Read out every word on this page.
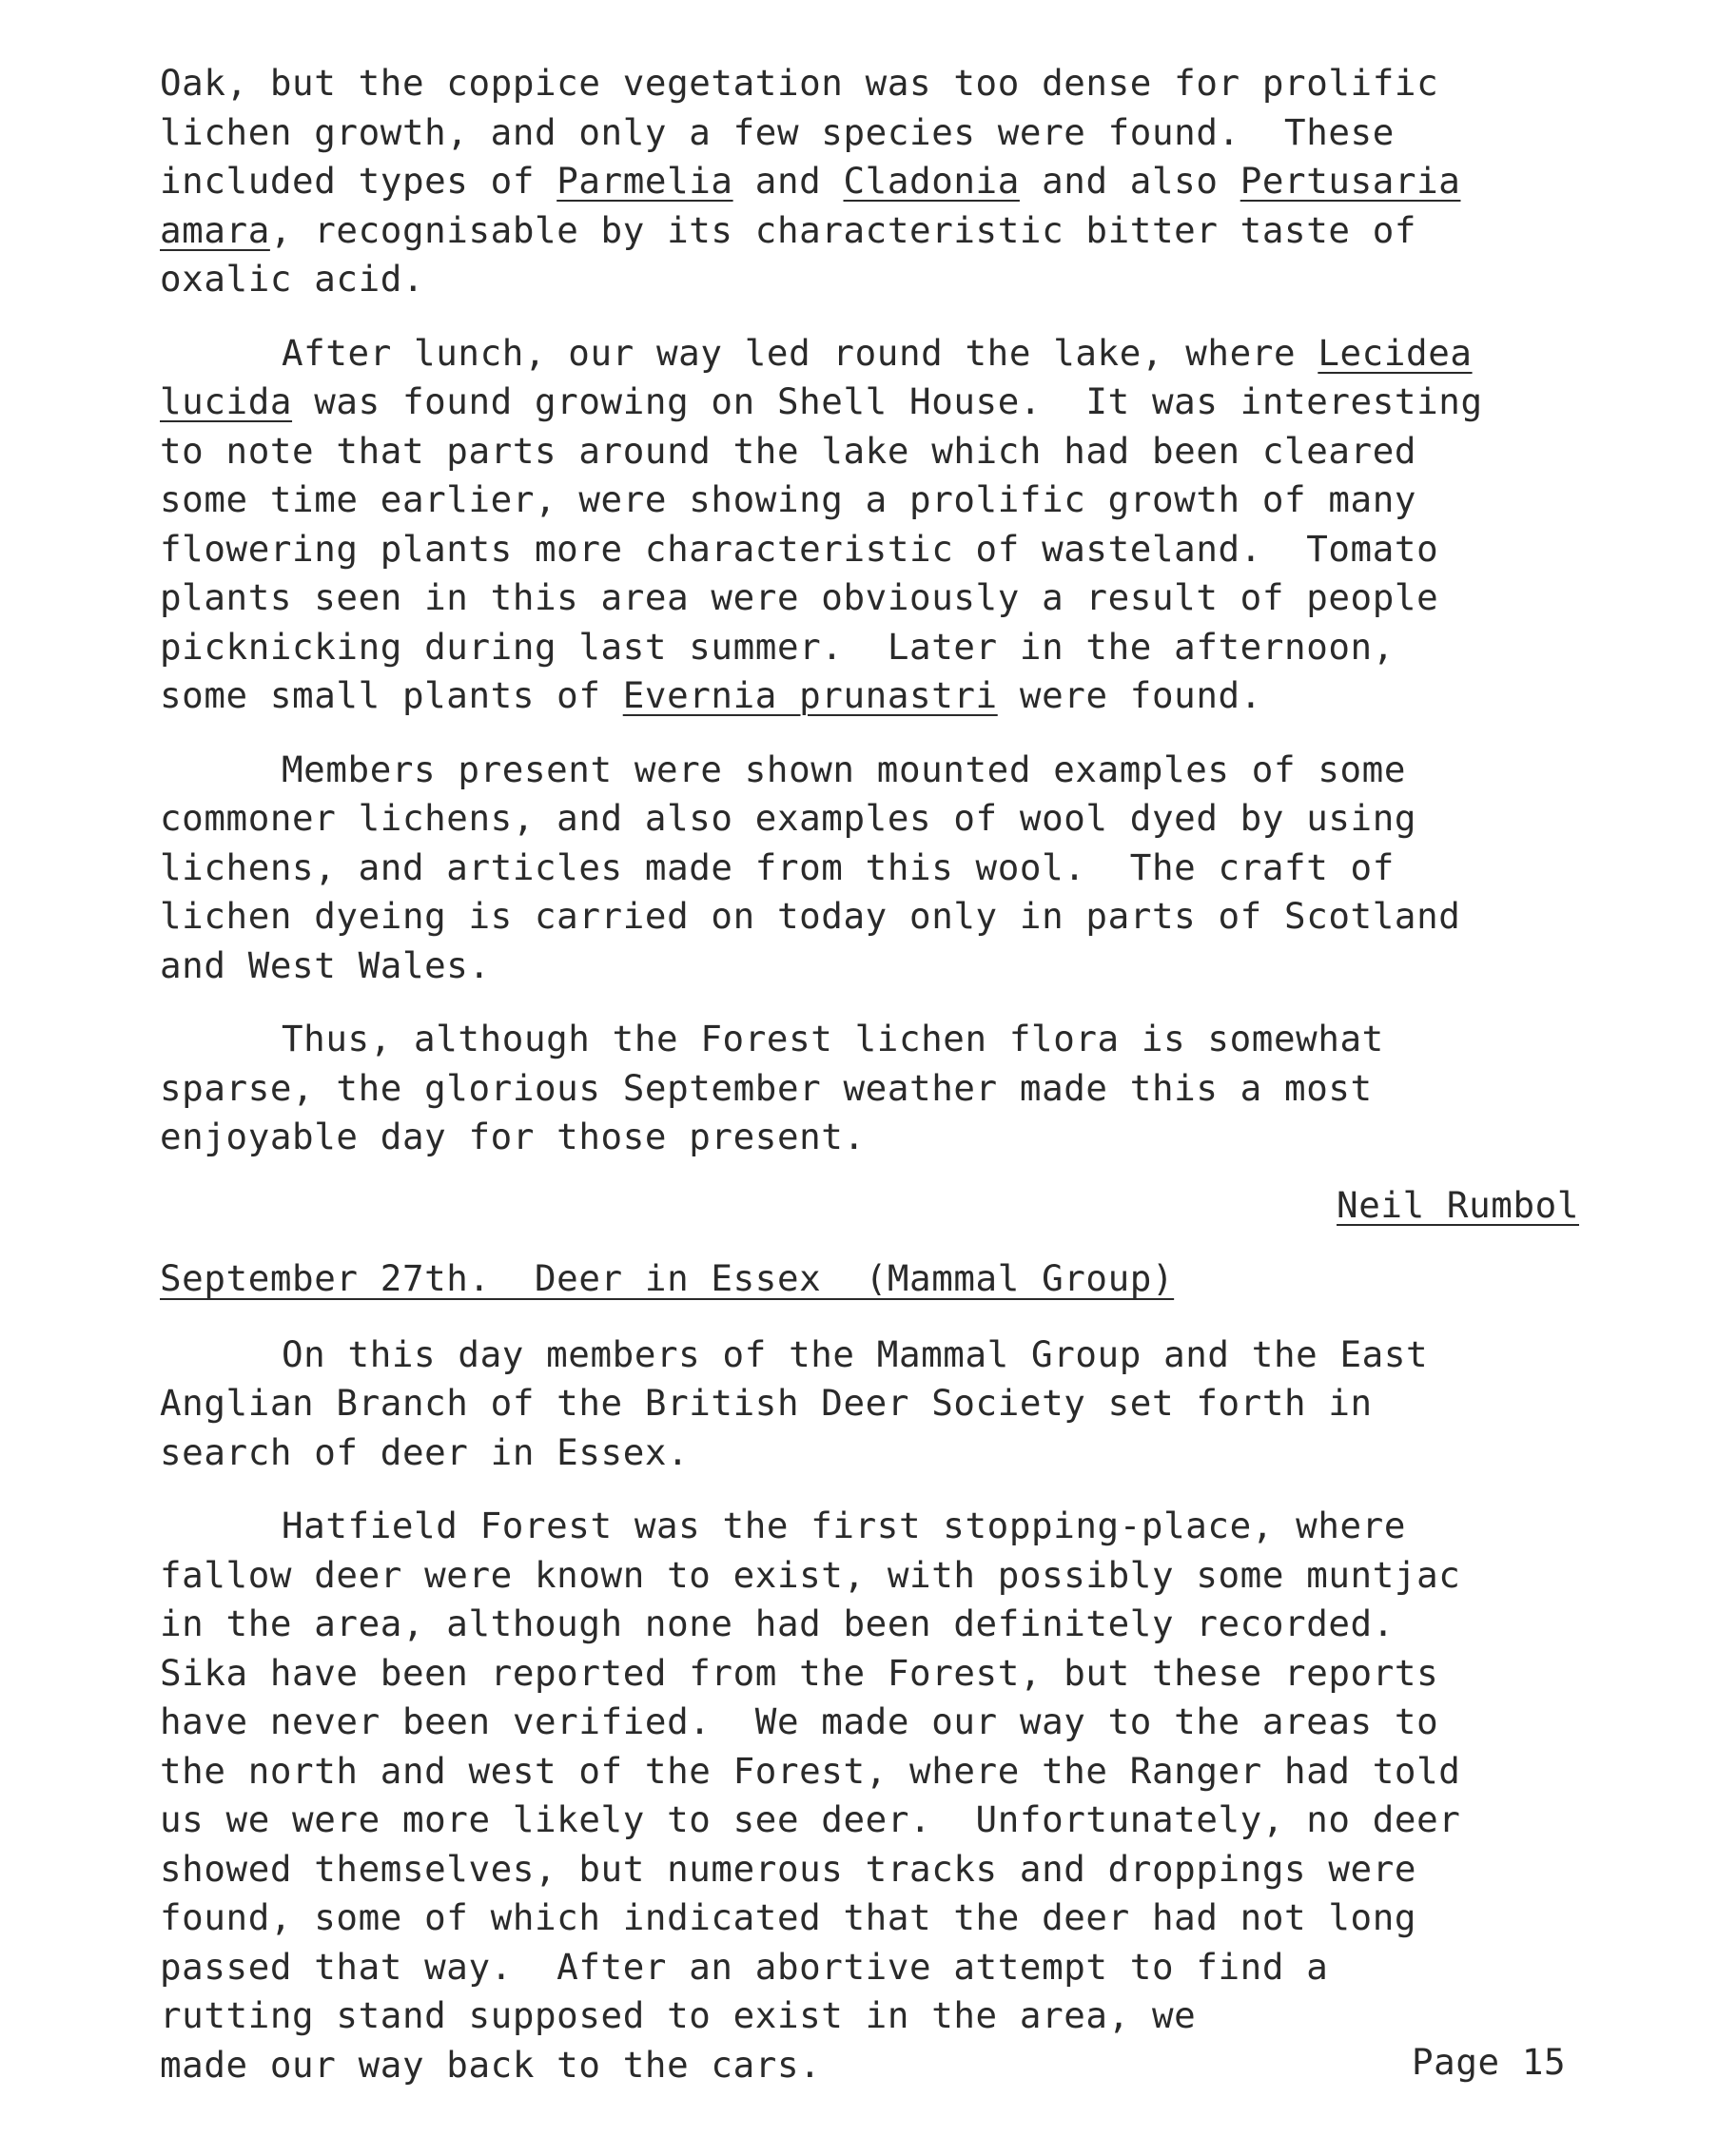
Oak, but the coppice vegetation was too dense for prolific
lichen growth, and only a few species were found.  These
included types of Parmelia and Cladonia and also Pertusaria
amara, recognisable by its characteristic bitter taste of
oxalic acid.

After lunch, our way led round the lake, where Lecidea
lucida was found growing on Shell House.  It was interesting
to note that parts around the lake which had been cleared
some time earlier, were showing a prolific growth of many
flowering plants more characteristic of wasteland.  Tomato
plants seen in this area were obviously a result of people
picknicking during last summer.  Later in the afternoon,
some small plants of Evernia prunastri were found.

Members present were shown mounted examples of some
commoner lichens, and also examples of wool dyed by using
lichens, and articles made from this wool.  The craft of
lichen dyeing is carried on today only in parts of Scotland
and West Wales.

Thus, although the Forest lichen flora is somewhat
sparse, the glorious September weather made this a most
enjoyable day for those present.

Neil Rumbol

September 27th.  Deer in Essex  (Mammal Group)

On this day members of the Mammal Group and the East
Anglian Branch of the British Deer Society set forth in
search of deer in Essex.

Hatfield Forest was the first stopping-place, where
fallow deer were known to exist, with possibly some muntjac
in the area, although none had been definitely recorded.
Sika have been reported from the Forest, but these reports
have never been verified.  We made our way to the areas to
the north and west of the Forest, where the Ranger had told
us we were more likely to see deer.  Unfortunately, no deer
showed themselves, but numerous tracks and droppings were
found, some of which indicated that the deer had not long
passed that way.  After an abortive attempt to find a
rutting stand supposed to exist in the area, we
made our way back to the cars.	Page 15
